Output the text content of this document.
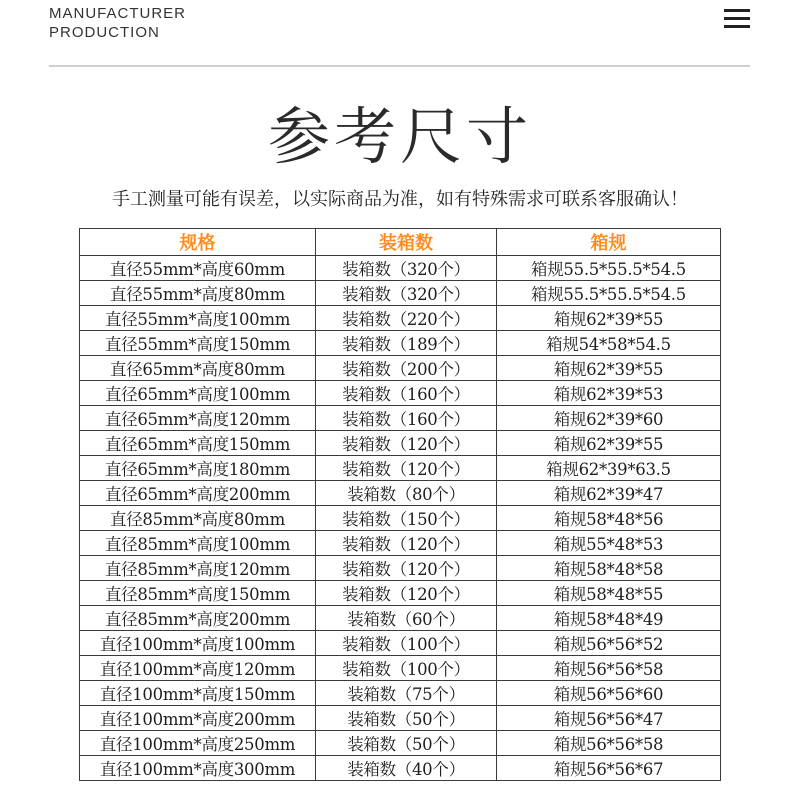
MANUFACTURER
PRODUCTION
参考尺寸
手工测量可能有误差，以实际商品为准，如有特殊需求可联系客服确认！
规格	装箱数	箱规
直径55mm*高度60mm	装箱数（320个）	箱规55.5*55.5*54.5
直径55mm*高度80mm	装箱数（320个）	箱规55.5*55.5*54.5
直径55mm*高度100mm	装箱数（220个）	箱规62*39*55
直径55mm*高度150mm	装箱数（189个）	箱规54*58*54.5
直径65mm*高度80mm	装箱数（200个）	箱规62*39*55
直径65mm*高度100mm	装箱数（160个）	箱规62*39*53
直径65mm*高度120mm	装箱数（160个）	箱规62*39*60
直径65mm*高度150mm	装箱数（120个）	箱规62*39*55
直径65mm*高度180mm	装箱数（120个）	箱规62*39*63.5
直径65mm*高度200mm	装箱数（80个）	箱规62*39*47
直径85mm*高度80mm	装箱数（150个）	箱规58*48*56
直径85mm*高度100mm	装箱数（120个）	箱规55*48*53
直径85mm*高度120mm	装箱数（120个）	箱规58*48*58
直径85mm*高度150mm	装箱数（120个）	箱规58*48*55
直径85mm*高度200mm	装箱数（60个）	箱规58*48*49
直径100mm*高度100mm	装箱数（100个）	箱规56*56*52
直径100mm*高度120mm	装箱数（100个）	箱规56*56*58
直径100mm*高度150mm	装箱数（75个）	箱规56*56*60
直径100mm*高度200mm	装箱数（50个）	箱规56*56*47
直径100mm*高度250mm	装箱数（50个）	箱规56*56*58
直径100mm*高度300mm	装箱数（40个）	箱规56*56*67
